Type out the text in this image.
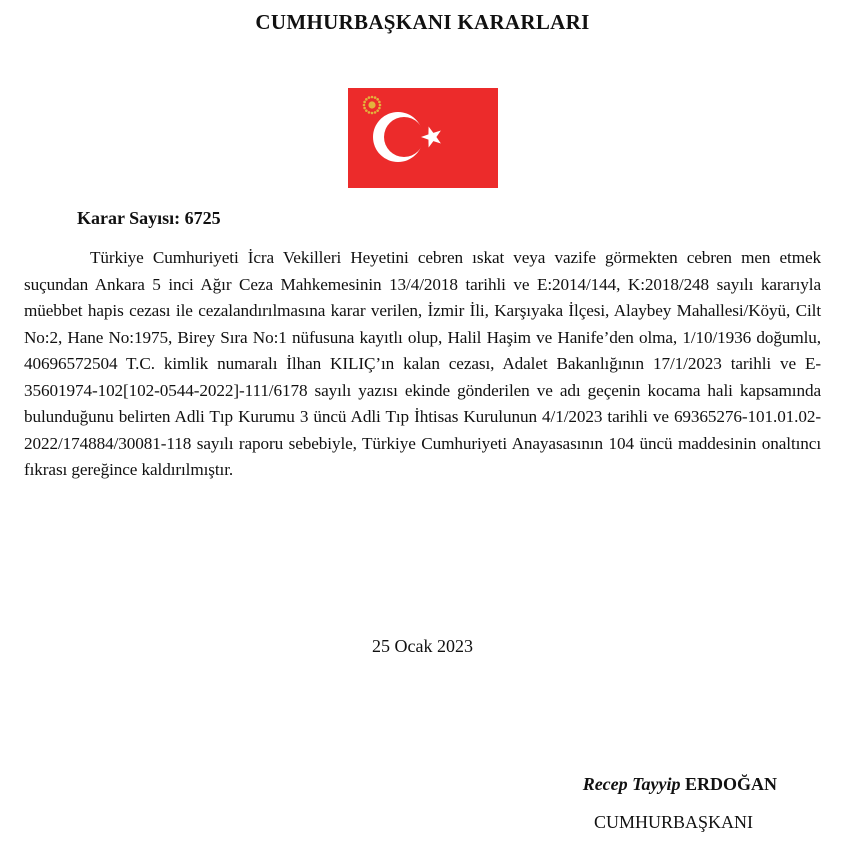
CUMHURBAŞKANI KARARLARI
Karar Sayısı: 6725

Türkiye Cumhuriyeti İcra Vekilleri Heyetini cebren ıskat veya vazife görmekten cebren men etmek suçundan Ankara 5 inci Ağır Ceza Mahkemesinin 13/4/2018 tarihli ve E:2014/144, K:2018/248 sayılı kararıyla müebbet hapis cezası ile cezalandırılmasına karar verilen, İzmir İli, Karşıyaka İlçesi, Alaybey Mahallesi/Köyü, Cilt No:2, Hane No:1975, Birey Sıra No:1 nüfusuna kayıtlı olup, Halil Haşim ve Hanife’den olma, 1/10/1936 doğumlu, 40696572504 T.C. kimlik numaralı İlhan KILIÇ’ın kalan cezası, Adalet Bakanlığının 17/1/2023 tarihli ve E-35601974-102[102-0544-2022]-111/6178 sayılı yazısı ekinde gönderilen ve adı geçenin kocama hali kapsamında bulunduğunu belirten Adli Tıp Kurumu 3 üncü Adli Tıp İhtisas Kurulunun 4/1/2023 tarihli ve 69365276-101.01.02-2022/174884/30081-118 sayılı raporu sebebiyle, Türkiye Cumhuriyeti Anayasasının 104 üncü maddesinin onaltıncı fıkrası gereğince kaldırılmıştır.

25 Ocak 2023
Recep Tayyip ERDOĞAN
CUMHURBAŞKANI
